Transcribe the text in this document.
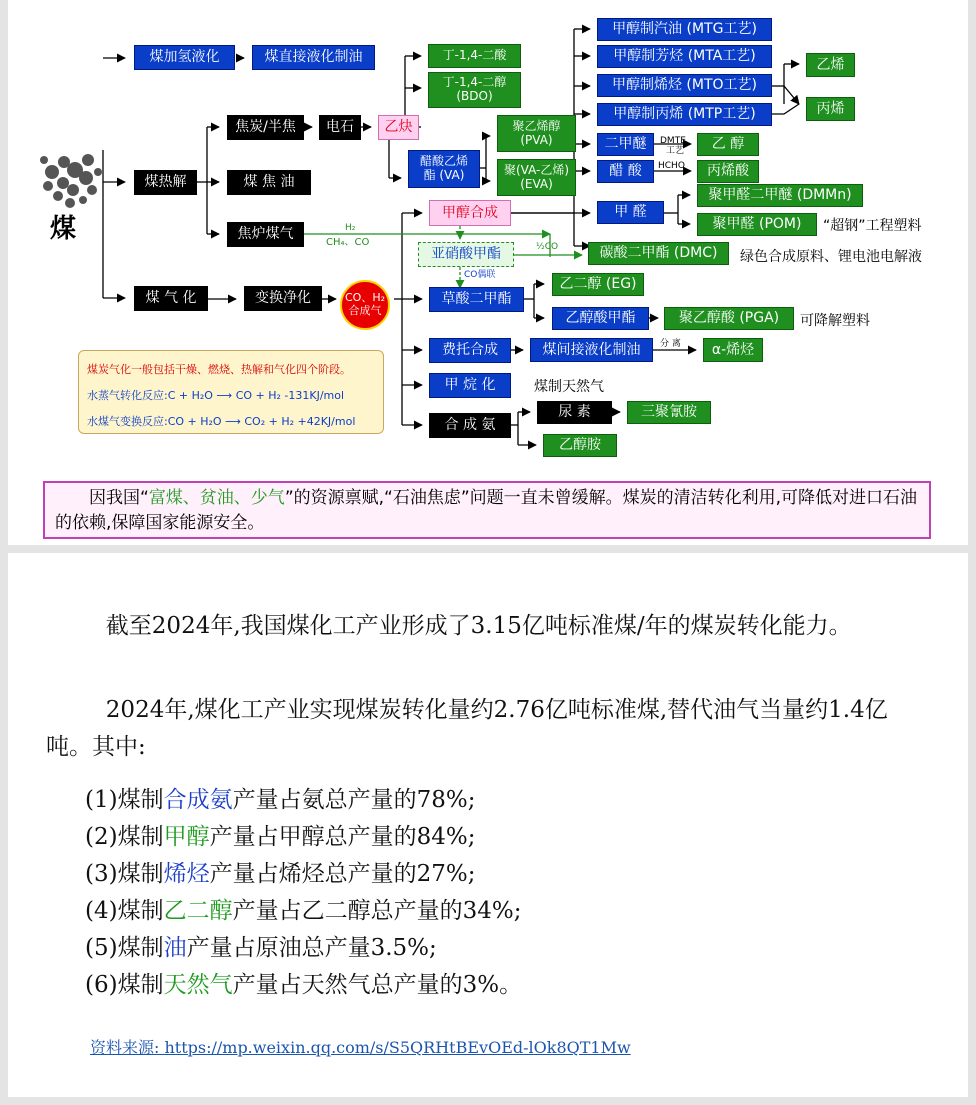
煤
煤加氢液化	煤直接液化制油
煤热解
焦炭/半焦
煤 焦 油
焦炉煤气
电石	乙炔
丁-1,4-二酸
丁-1,4-二醇
(BDO)
醋酸乙烯
酯 (VA)
聚乙烯醇
(PVA)
聚(VA-乙烯)
(EVA)
煤 气 化	变换净化	CO、H₂
合成气
甲醇合成
亚硝酸甲酯
草酸二甲酯
费托合成
甲 烷 化
合 成 氨
甲醇制汽油 (MTG工艺)
甲醇制芳烃 (MTA工艺)
甲醇制烯烃 (MTO工艺)
甲醇制丙烯 (MTP工艺)
乙烯
丙烯
二甲醚	乙 醇
醋 酸	丙烯酸
甲 醛
聚甲醛二甲醚 (DMMn)
聚甲醛 (POM)
碳酸二甲酯 (DMC)
乙二醇 (EG)
乙醇酸甲酯	聚乙醇酸 (PGA)
煤间接液化制油	α-烯烃
尿 素	三聚氰胺
乙醇胺
“超钢”工程塑料
绿色合成原料、锂电池电解液
可降解塑料
煤制天然气
H₂
CH₄、CO
DMTE
工艺
HCHO
½CO
CO偶联
分 离
煤炭气化一般包括干燥、燃烧、热解和气化四个阶段。
水蒸气转化反应:C + H₂O ⟶ CO + H₂ -131KJ/mol
水煤气变换反应:CO + H₂O ⟶ CO₂ + H₂ +42KJ/mol
因我国“富煤、贫油、少气”的资源禀赋,“石油焦虑”问题一直未曾缓解。煤炭的清洁转化利用,可降低对进口石油的依赖,保障国家能源安全。
截至2024年,我国煤化工产业形成了3.15亿吨标准煤/年的煤炭转化能力。
2024年,煤化工产业实现煤炭转化量约2.76亿吨标准煤,替代油气当量约1.4亿吨。其中:
(1)煤制合成氨产量占氨总产量的78%;
(2)煤制甲醇产量占甲醇总产量的84%;
(3)煤制烯烃产量占烯烃总产量的27%;
(4)煤制乙二醇产量占乙二醇总产量的34%;
(5)煤制油产量占原油总产量3.5%;
(6)煤制天然气产量占天然气总产量的3%。
资料来源: https://mp.weixin.qq.com/s/S5QRHtBEvOEd-lOk8QT1Mw
